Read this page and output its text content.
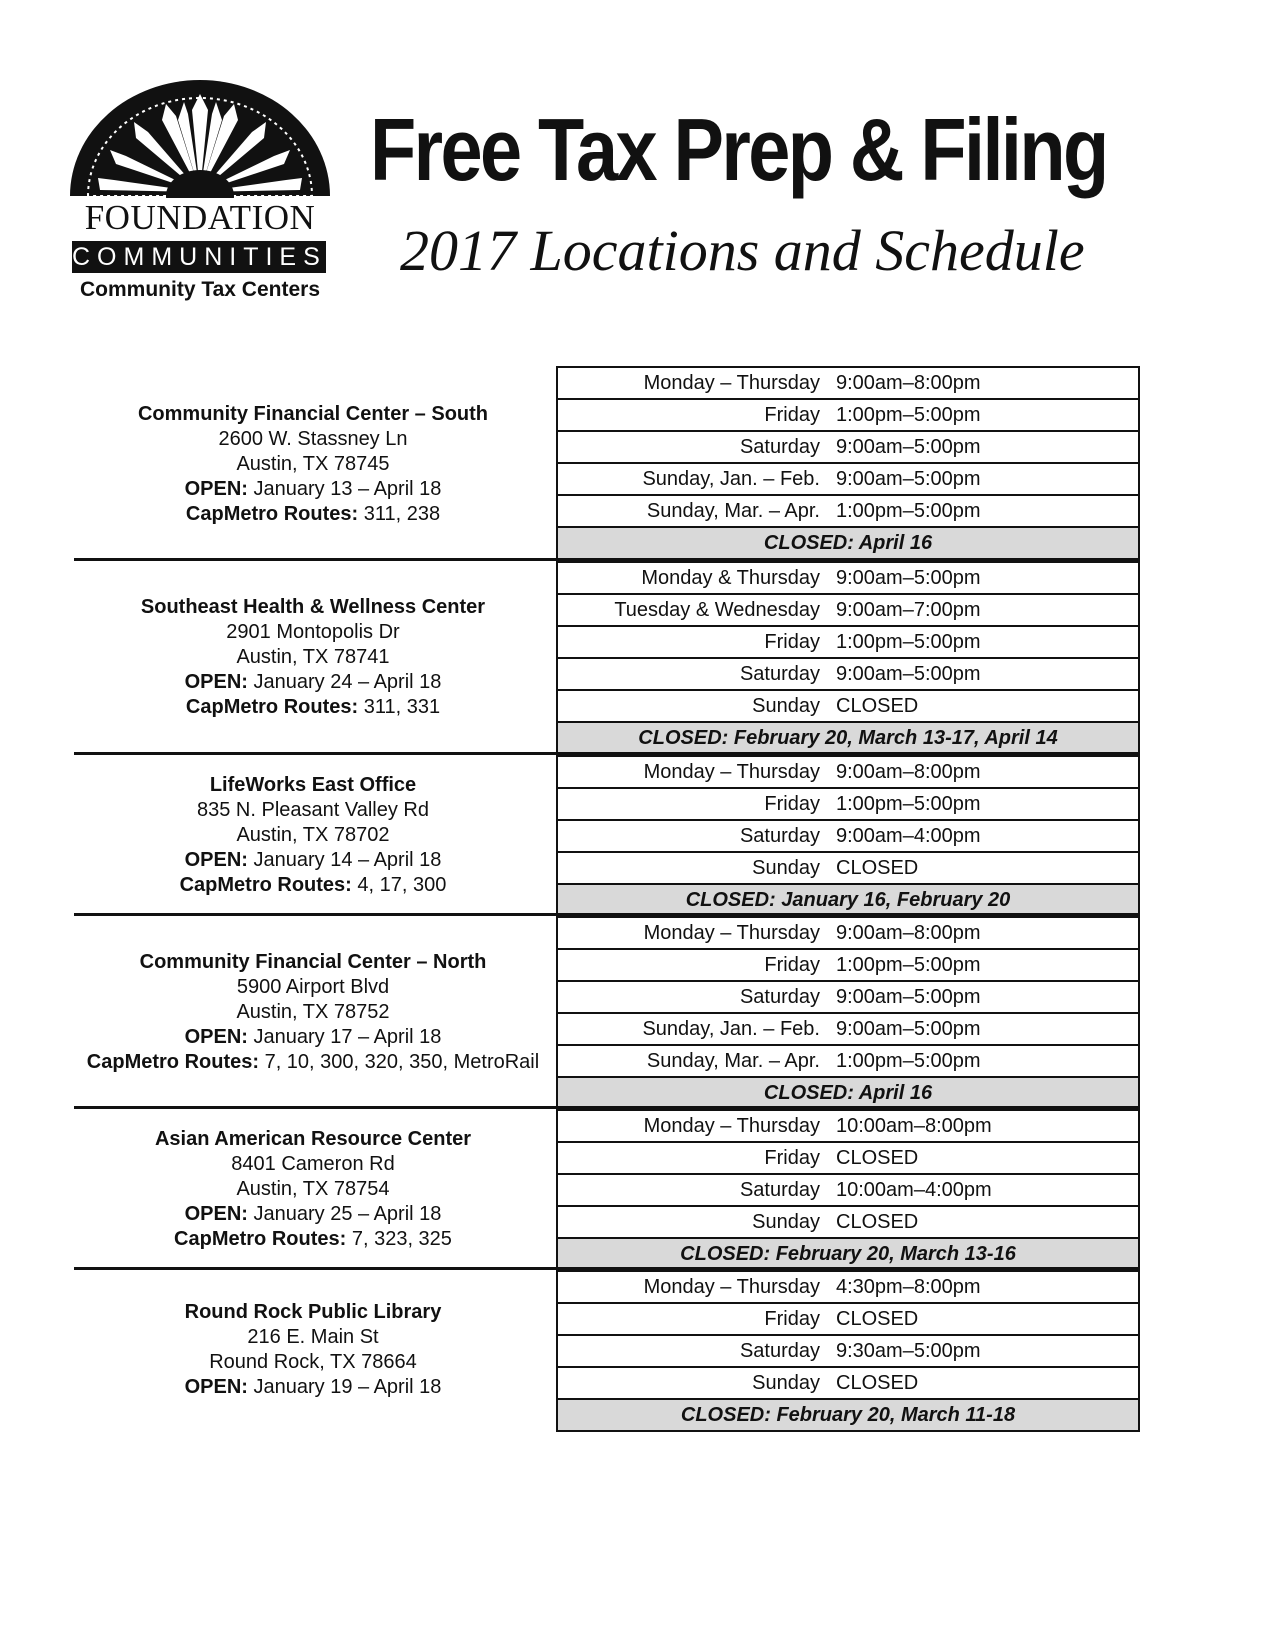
FOUNDATION
COMMUNITIES
Community Tax Centers
Free Tax Prep & Filing
2017 Locations and Schedule
Community Financial Center – South
2600 W. Stassney Ln
Austin, TX 78745
OPEN: January 13 – April 18
CapMetro Routes: 311, 238
Monday – Thursday 9:00am–8:00pm
Friday 1:00pm–5:00pm
Saturday 9:00am–5:00pm
Sunday, Jan. – Feb. 9:00am–5:00pm
Sunday, Mar. – Apr. 1:00pm–5:00pm
CLOSED: April 16
Southeast Health & Wellness Center
2901 Montopolis Dr
Austin, TX 78741
OPEN: January 24 – April 18
CapMetro Routes: 311, 331
Monday & Thursday 9:00am–5:00pm
Tuesday & Wednesday 9:00am–7:00pm
Friday 1:00pm–5:00pm
Saturday 9:00am–5:00pm
Sunday CLOSED
CLOSED: February 20, March 13-17, April 14
LifeWorks East Office
835 N. Pleasant Valley Rd
Austin, TX 78702
OPEN: January 14 – April 18
CapMetro Routes: 4, 17, 300
Monday – Thursday 9:00am–8:00pm
Friday 1:00pm–5:00pm
Saturday 9:00am–4:00pm
Sunday CLOSED
CLOSED: January 16, February 20
Community Financial Center – North
5900 Airport Blvd
Austin, TX 78752
OPEN: January 17 – April 18
CapMetro Routes: 7, 10, 300, 320, 350, MetroRail
Monday – Thursday 9:00am–8:00pm
Friday 1:00pm–5:00pm
Saturday 9:00am–5:00pm
Sunday, Jan. – Feb. 9:00am–5:00pm
Sunday, Mar. – Apr. 1:00pm–5:00pm
CLOSED: April 16
Asian American Resource Center
8401 Cameron Rd
Austin, TX 78754
OPEN: January 25 – April 18
CapMetro Routes: 7, 323, 325
Monday – Thursday 10:00am–8:00pm
Friday CLOSED
Saturday 10:00am–4:00pm
Sunday CLOSED
CLOSED: February 20, March 13-16
Round Rock Public Library
216 E. Main St
Round Rock, TX 78664
OPEN: January 19 – April 18
Monday – Thursday 4:30pm–8:00pm
Friday CLOSED
Saturday 9:30am–5:00pm
Sunday CLOSED
CLOSED: February 20, March 11-18
